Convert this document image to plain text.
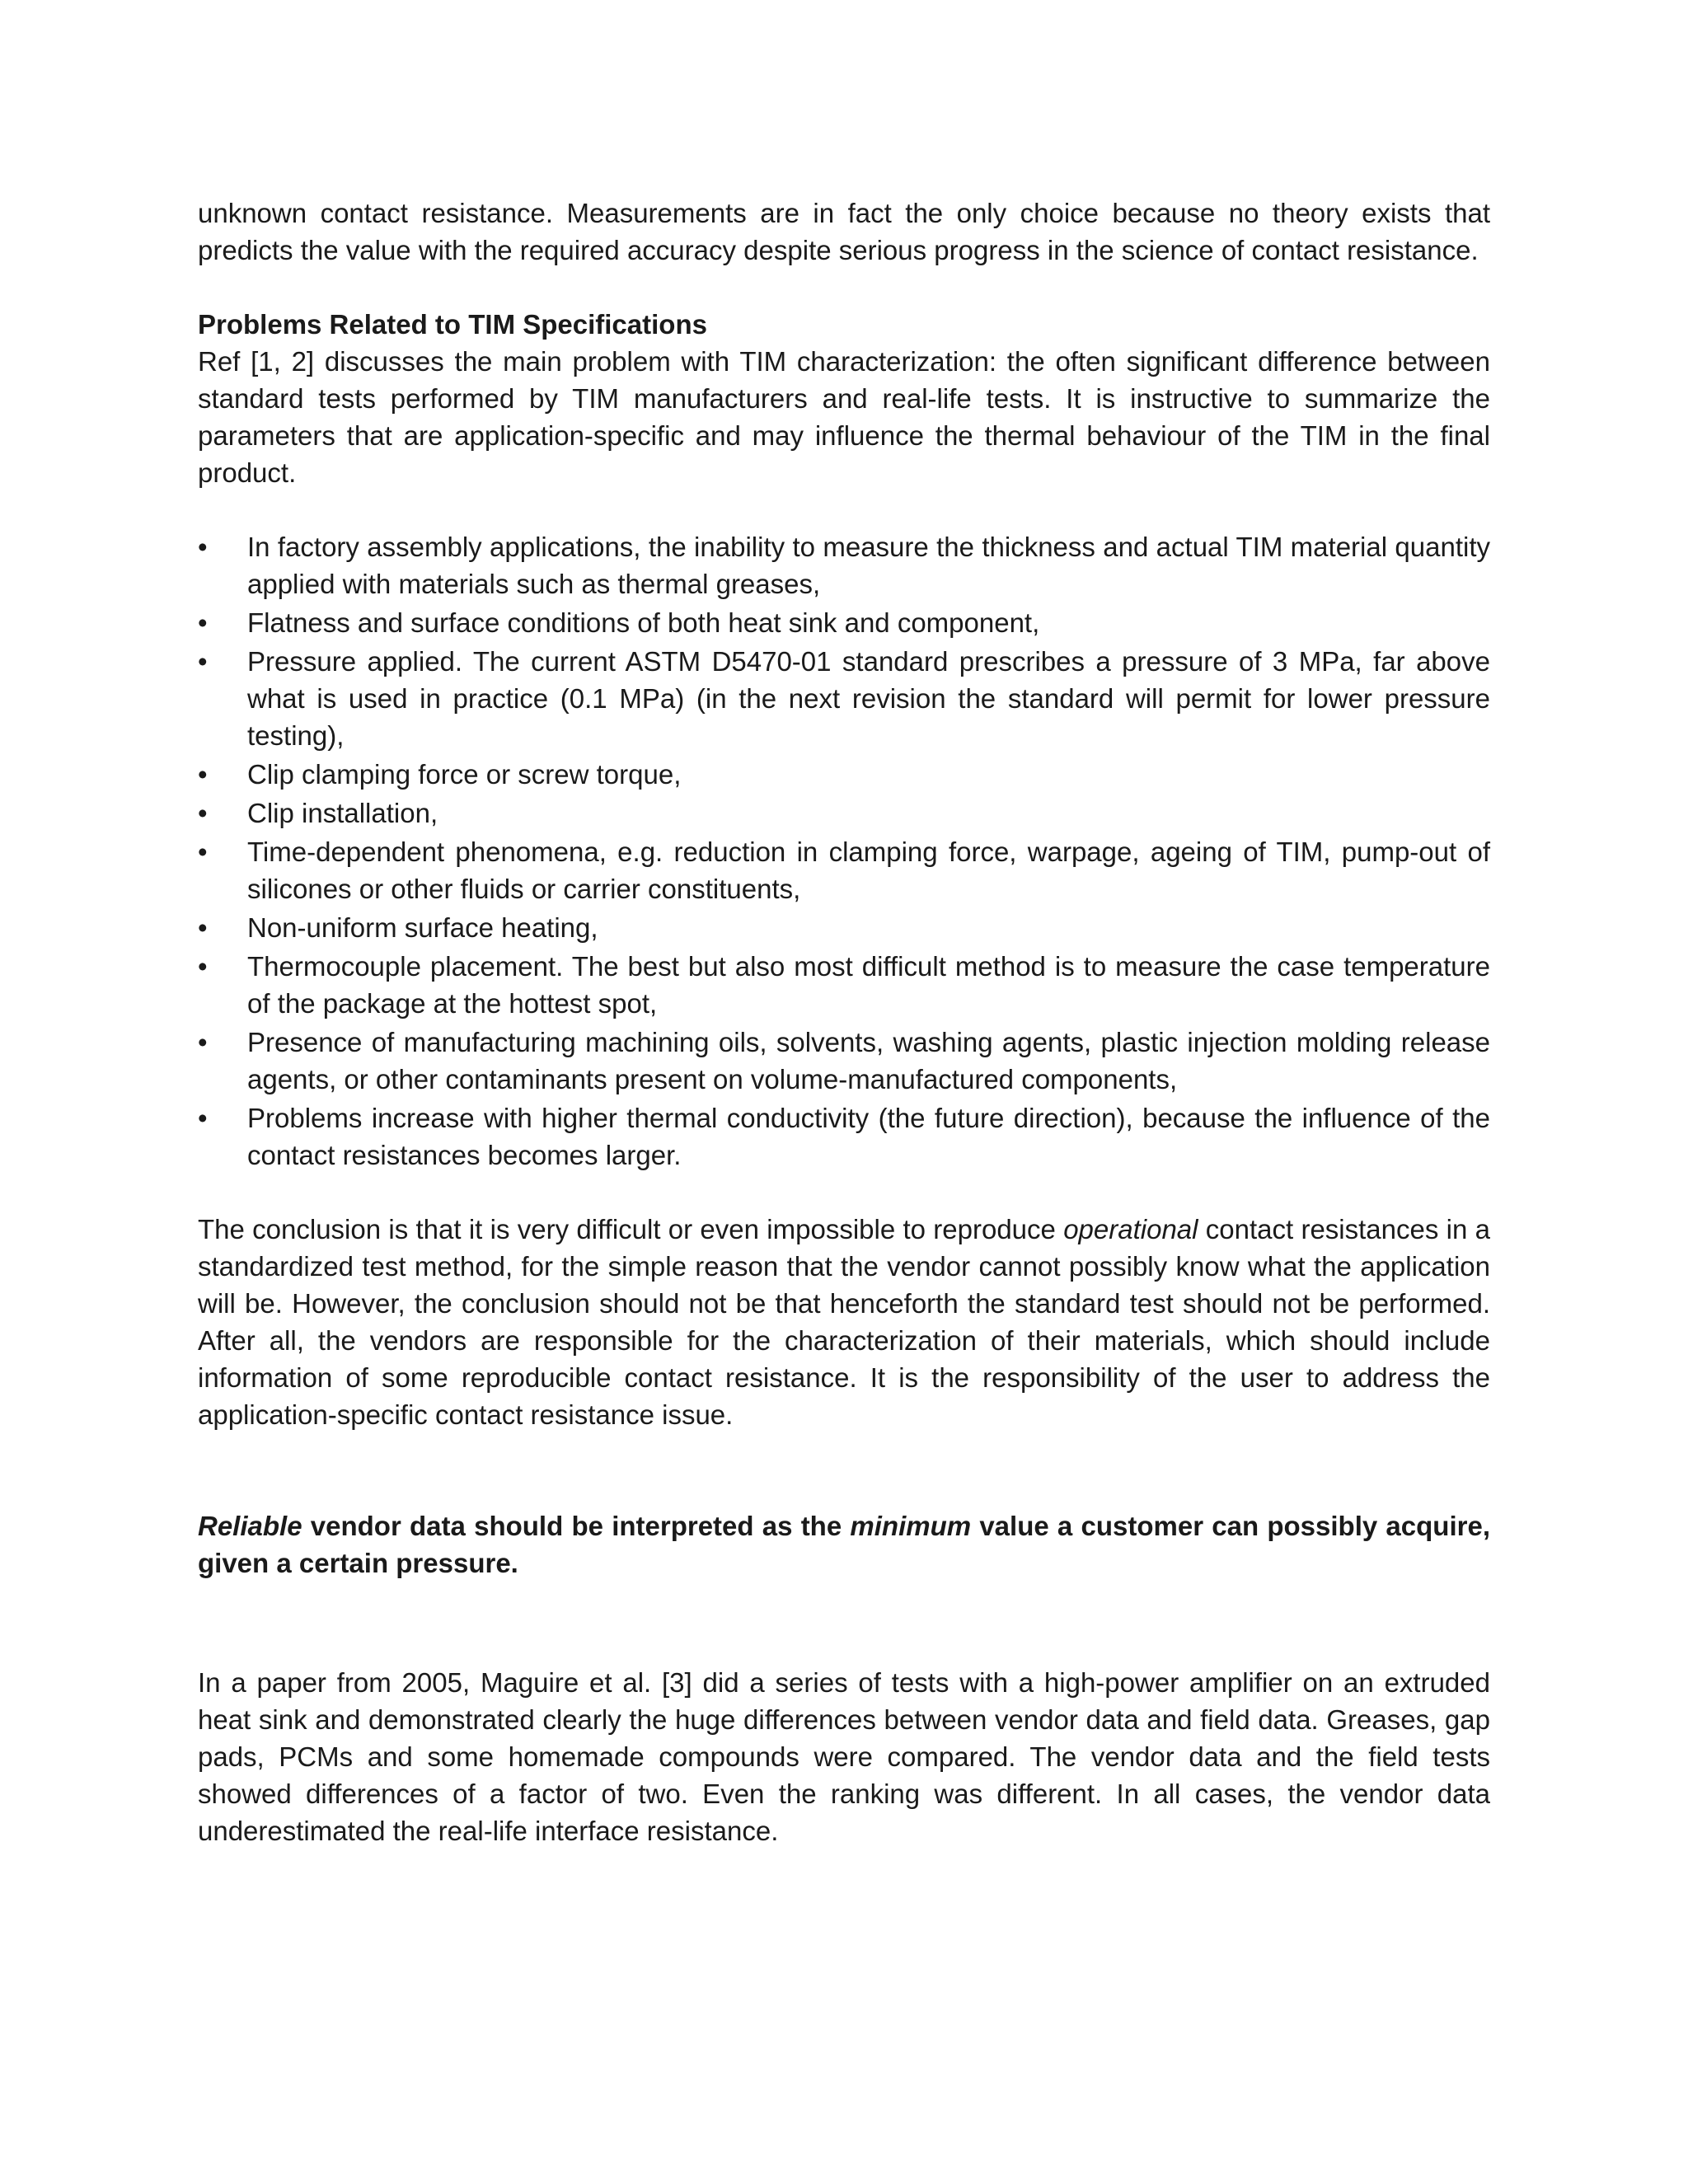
unknown contact resistance. Measurements are in fact the only choice because no theory exists that predicts the value with the required accuracy despite serious progress in the science of contact resistance.

Problems Related to TIM Specifications

Ref [1, 2] discusses the main problem with TIM characterization: the often significant difference between standard tests performed by TIM manufacturers and real-life tests. It is instructive to summarize the parameters that are application-specific and may influence the thermal behaviour of the TIM in the final product.

•	In factory assembly applications, the inability to measure the thickness and actual TIM material quantity applied with materials such as thermal greases,
•	Flatness and surface conditions of both heat sink and component,
•	Pressure applied. The current ASTM D5470-01 standard prescribes a pressure of 3 MPa, far above what is used in practice (0.1 MPa) (in the next revision the standard will permit for lower pressure testing),
•	Clip clamping force or screw torque,
•	Clip installation,
•	Time-dependent phenomena, e.g. reduction in clamping force, warpage, ageing of TIM, pump-out of silicones or other fluids or carrier constituents,
•	Non-uniform surface heating,
•	Thermocouple placement. The best but also most difficult method is to measure the case temperature of the package at the hottest spot,
•	Presence of manufacturing machining oils, solvents, washing agents, plastic injection molding release agents, or other contaminants present on volume-manufactured components,
•	Problems increase with higher thermal conductivity (the future direction), because the influence of the contact resistances becomes larger.

The conclusion is that it is very difficult or even impossible to reproduce operational contact resistances in a standardized test method, for the simple reason that the vendor cannot possibly know what the application will be. However, the conclusion should not be that henceforth the standard test should not be performed. After all, the vendors are responsible for the characterization of their materials, which should include information of some reproducible contact resistance. It is the responsibility of the user to address the application-specific contact resistance issue.

Reliable vendor data should be interpreted as the minimum value a customer can possibly acquire, given a certain pressure.

In a paper from 2005, Maguire et al. [3] did a series of tests with a high-power amplifier on an extruded heat sink and demonstrated clearly the huge differences between vendor data and field data. Greases, gap pads, PCMs and some homemade compounds were compared. The vendor data and the field tests showed differences of a factor of two. Even the ranking was different. In all cases, the vendor data underestimated the real-life interface resistance.
